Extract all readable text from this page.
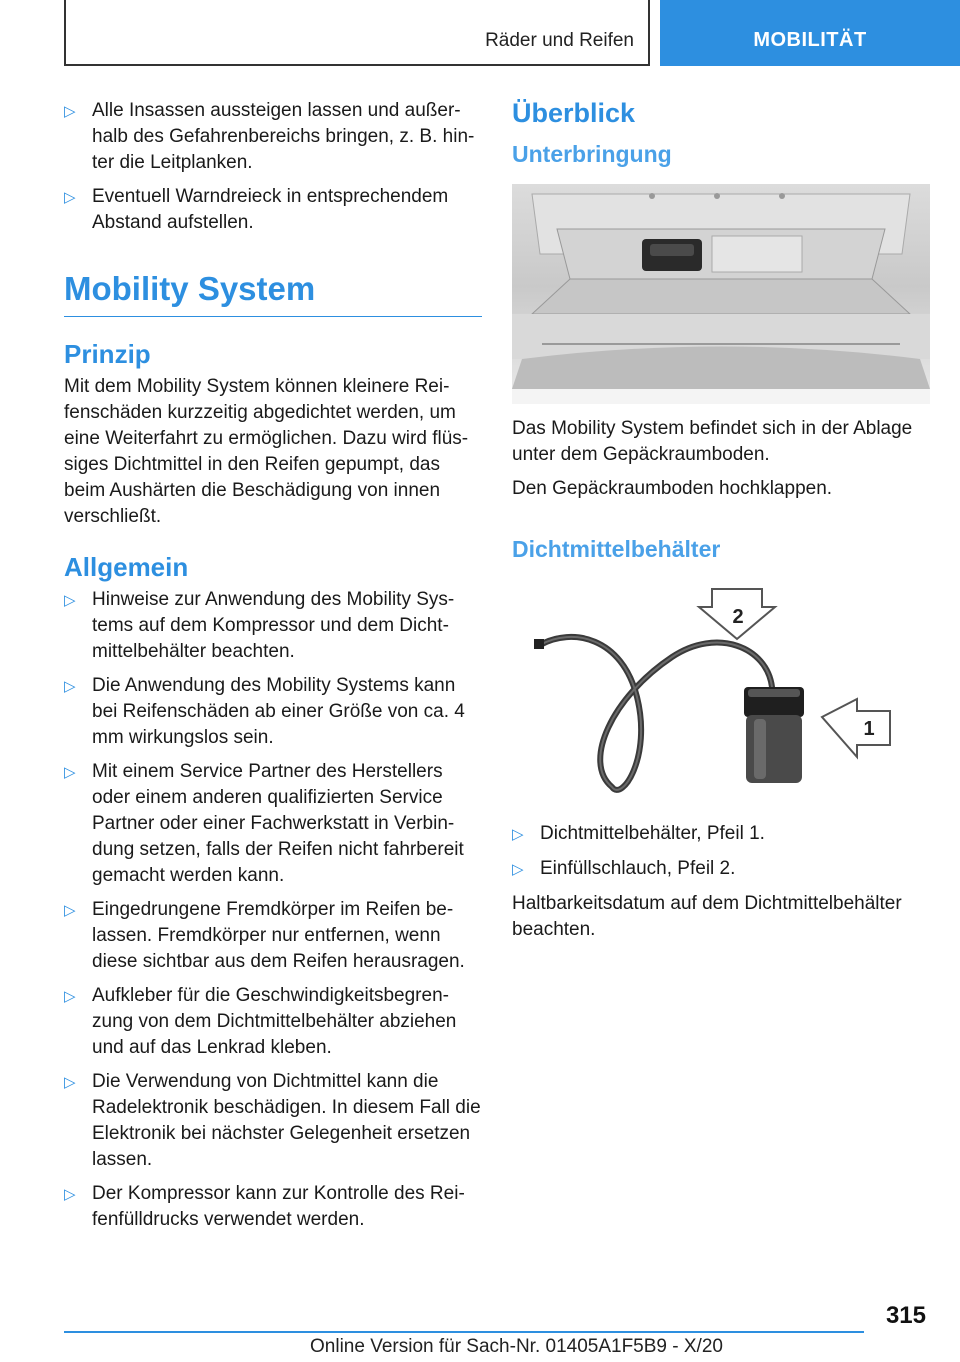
Räder und Reifen	MOBILITÄT
▷ Alle Insassen aussteigen lassen und außerhalb des Gefahrenbereichs bringen, z. B. hinter die Leitplanken.
▷ Eventuell Warndreieck in entsprechendem Abstand aufstellen.
Mobility System
Prinzip
Mit dem Mobility System können kleinere Reifenschäden kurzzeitig abgedichtet werden, um eine Weiterfahrt zu ermöglichen. Dazu wird flüssiges Dichtmittel in den Reifen gepumpt, das beim Aushärten die Beschädigung von innen verschließt.
Allgemein
▷ Hinweise zur Anwendung des Mobility Systems auf dem Kompressor und dem Dichtmittelbehälter beachten.
▷ Die Anwendung des Mobility Systems kann bei Reifenschäden ab einer Größe von ca. 4 mm wirkungslos sein.
▷ Mit einem Service Partner des Herstellers oder einem anderen qualifizierten Service Partner oder einer Fachwerkstatt in Verbindung setzen, falls der Reifen nicht fahrbereit gemacht werden kann.
▷ Eingedrungene Fremdkörper im Reifen belassen. Fremdkörper nur entfernen, wenn diese sichtbar aus dem Reifen herausragen.
▷ Aufkleber für die Geschwindigkeitsbegrenzung von dem Dichtmittelbehälter abziehen und auf das Lenkrad kleben.
▷ Die Verwendung von Dichtmittel kann die Radelektronik beschädigen. In diesem Fall die Elektronik bei nächster Gelegenheit ersetzen lassen.
▷ Der Kompressor kann zur Kontrolle des Reifenfülldrucks verwendet werden.
Überblick
Unterbringung
Das Mobility System befindet sich in der Ablage unter dem Gepäckraumboden.
Den Gepäckraumboden hochklappen.
Dichtmittelbehälter
2
1
▷ Dichtmittelbehälter, Pfeil 1.
▷ Einfüllschlauch, Pfeil 2.
Haltbarkeitsdatum auf dem Dichtmittelbehälter beachten.
315
Online Version für Sach-Nr. 01405A1F5B9 - X/20
